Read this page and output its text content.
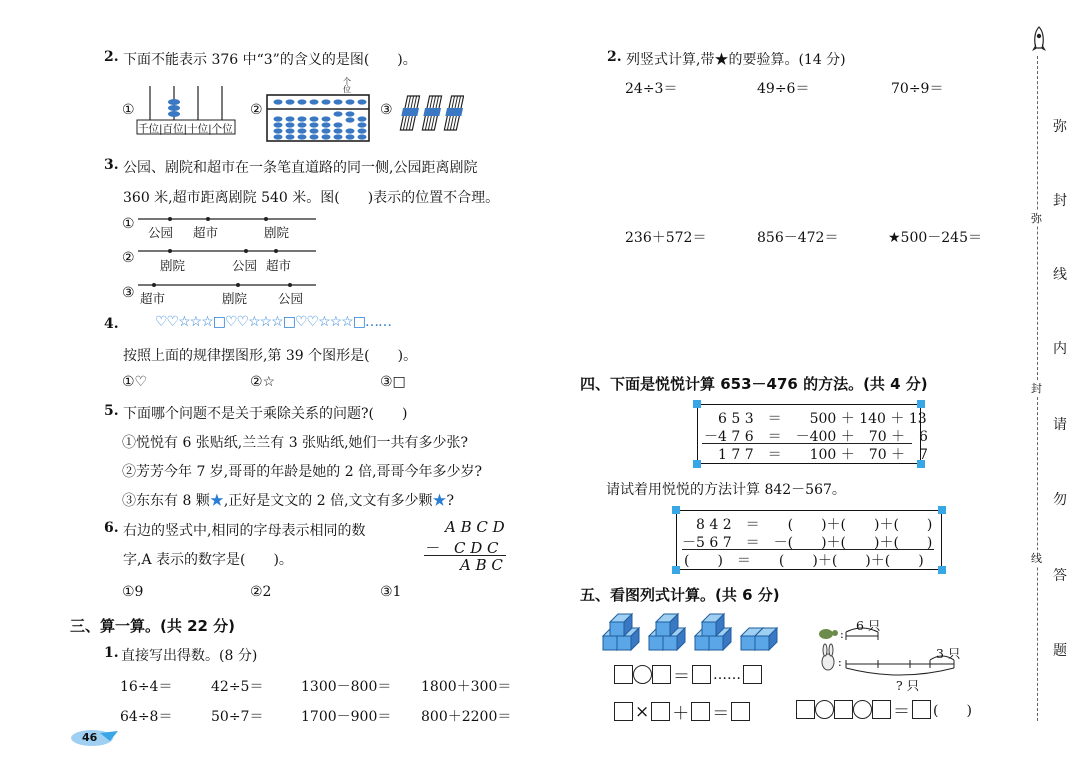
2. 下面不能表示 376 中“3”的含义的是图(　　)。
①
千位|百位|十位|个位
②
个位
③
3. 公园、剧院和超市在一条笔直道路的同一侧,公园距离剧院
360 米,超市距离剧院 540 米。图(　　)表示的位置不合理。
①
公园 超市	剧院
② 剧院	公园 超市
③ 超市	剧院 公园
4.	♡♡☆☆☆□♡♡☆☆☆□♡♡☆☆☆□……
按照上面的规律摆图形,第 39 个图形是(　　)。
①♡	②☆	③□
5. 下面哪个问题不是关于乘除关系的问题?(　　)
①悦悦有 6 张贴纸,兰兰有 3 张贴纸,她们一共有多少张?
②芳芳今年 7 岁,哥哥的年龄是她的 2 倍,哥哥今年多少岁?
③东东有 8 颗★,正好是文文的 2 倍,文文有多少颗★?
6. 右边的竖式中,相同的字母表示相同的数
字,A 表示的数字是(　　)。
A B C D
－　C D C
A B C
①9	②2	③1
三、算一算。(共 22 分)
1. 直接写出得数。(8 分)
16÷4＝	42÷5＝	1300－800＝ 1800＋300＝
64÷8＝	50÷7＝	1700－900＝ 800＋2200＝
46
2. 列竖式计算,带★的要验算。(14 分)
24÷3＝	49÷6＝	70÷9＝
236＋572＝	856－472＝	★500－245＝
四、下面是悦悦计算 653－476 的方法。(共 4 分)
6 5 3　＝　　500 ＋ 140 ＋ 13
－4 7 6　＝　－400 ＋　70 ＋　6
1 7 7　＝　　100 ＋　70 ＋　7
请试着用悦悦的方法计算 842－567。
8 4 2　＝　　(　　)＋(　　)＋(　　)
－5 6 7　＝　－(　　)＋(　　)＋(　　)
(　　)　＝　　(　　)＋(　　)＋(　　)
五、看图列式计算。(共 6 分)
＝ ……
× ＋ ＝
:
:
6 只
3 只
? 只
＝ (　　)
弥
封
线
内
请
勿
答
题
弥
封
线
